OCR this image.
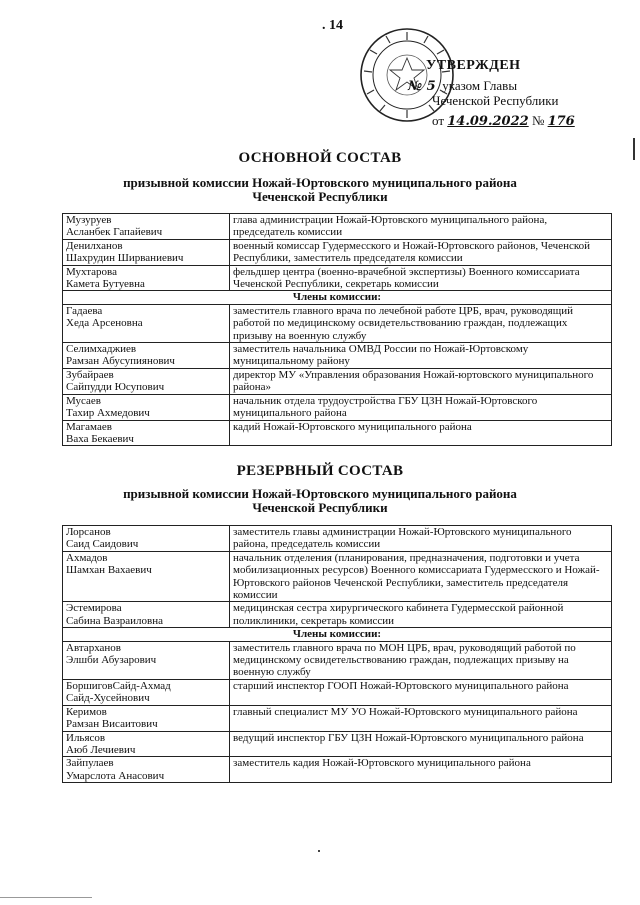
. 14
УТВЕРЖДЕН
№ 5 указом Главы
Чеченской Республики
от 14.09.2022 № 176
ОСНОВНОЙ СОСТАВ
призывной комиссии Ножай-Юртовского муниципального района
Чеченской Республики
Музуруев
Асланбек Гапайевич	глава администрации Ножай-Юртовского муниципального района, председатель комиссии
Денилханов
Шахрудин Ширваниевич	военный комиссар Гудермесского и Ножай-Юртовского районов, Чеченской Республики, заместитель председателя комиссии
Мухтарова
Камета Бутуевна	фельдшер центра (военно-врачебной экспертизы) Военного комиссариата Чеченской Республики, секретарь комиссии
Члены комиссии:	
Гадаева
Хеда Арсеновна	заместитель главного врача по лечебной работе ЦРБ, врач, руководящий работой по медицинскому освидетельствованию граждан, подлежащих призыву на военную службу
Селимхаджиев
Рамзан Абусупиянович	заместитель начальника ОМВД России по Ножай-Юртовскому муниципальному району
Зубайраев
Сайпудди Юсупович	директор МУ «Управления образования Ножай-юртовского муниципального района»
Мусаев
Тахир Ахмедович	начальник отдела трудоустройства ГБУ ЦЗН Ножай-Юртовского муниципального района
Магамаев
Ваха Бекаевич	кадий Ножай-Юртовского муниципального района
РЕЗЕРВНЫЙ СОСТАВ
призывной комиссии Ножай-Юртовского муниципального района
Чеченской Республики
Лорсанов
Саид Саидович	заместитель главы администрации Ножай-Юртовского муниципального района, председатель комиссии
Ахмадов
Шамхан Вахаевич	начальник отделения (планирования, предназначения, подготовки и учета мобилизационных ресурсов) Военного комиссариата Гудермесского и Ножай-Юртовского районов Чеченской Республики, заместитель председателя комиссии
Эстемирова
Сабина Вазраиловна	медицинская сестра хирургического кабинета Гудермесской районной поликлиники, секретарь комиссии
Члены комиссии:	
Автарханов
Элшби Абузарович	заместитель главного врача по МОН ЦРБ, врач, руководящий работой по медицинскому освидетельствованию граждан, подлежащих призыву на военную службу
БоршиговСайд-Ахмад
Сайд-Хусейнович	старший инспектор ГООП Ножай-Юртовского муниципального района
Керимов
Рамзан Висаитович	главный специалист МУ УО Ножай-Юртовского муниципального района
Ильясов
Аюб Лечиевич	ведущий инспектор ГБУ ЦЗН Ножай-Юртовского муниципального района
Зайпулаев
Умарслота Анасович	заместитель кадия Ножай-Юртовского муниципального района
